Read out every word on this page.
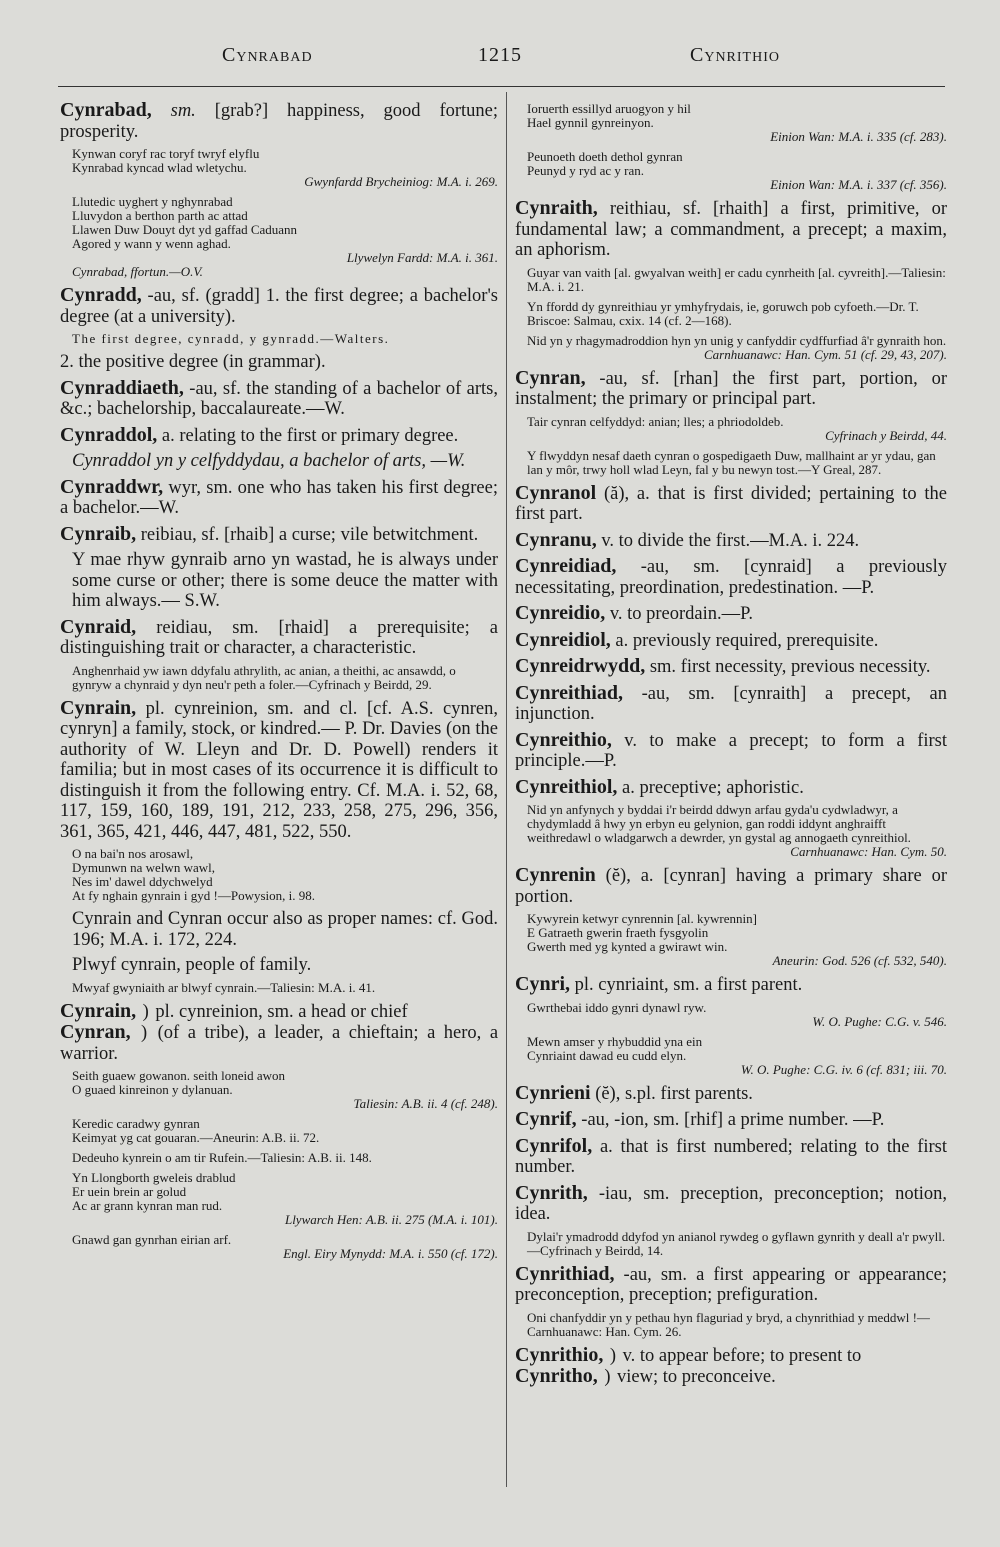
Cynrabad	1215	Cynrithio

Cynrabad, sm. [grab?] happiness, good fortune; prosperity.

Kynwan coryf rac toryf twryf elyflu
Kynrabad kyncad wlad wletychu.
Gwynfardd Brycheiniog: M.A. i. 269.
Llutedic uyghert y nghynrabad
Lluvydon a berthon parth ac attad
Llawen Duw Douyt dyt yd gaffad Caduann
Agored y wann y wenn aghad.
Llywelyn Fardd: M.A. i. 361.
Cynrabad, ffortun.—O.V.

Cynradd, -au, sf. (gradd] 1. the first degree; a bachelor's degree (at a university).

The first degree, cynradd, y gynradd.—Walters.

2. the positive degree (in grammar).

Cynraddiaeth, -au, sf. the standing of a bachelor of arts, &c.; bachelorship, baccalaureate.—W.

Cynraddol, a. relating to the first or primary degree.

Cynraddol yn y celfyddydau, a bachelor of arts, —W.

Cynraddwr, wyr, sm. one who has taken his first degree; a bachelor.—W.

Cynraib, reibiau, sf. [rhaib] a curse; vile betwitchment.

Y mae rhyw gynraib arno yn wastad, he is always under some curse or other; there is some deuce the matter with him always.— S.W.

Cynraid, reidiau, sm. [rhaid] a prerequisite; a distinguishing trait or character, a characteristic.

Anghenrhaid yw iawn ddyfalu athrylith, ac anian, a theithi, ac ansawdd, o gynryw a chynraid y dyn neu'r peth a foler.—Cyfrinach y Beirdd, 29.

Cynrain, pl. cynreinion, sm. and cl. [cf. A.S. cynren, cynryn] a family, stock, or kindred.— P. Dr. Davies (on the authority of W. Lleyn and Dr. D. Powell) renders it familia; but in most cases of its occurrence it is difficult to distinguish it from the following entry. Cf. M.A. i. 52, 68, 117, 159, 160, 189, 191, 212, 233, 258, 275, 296, 356, 361, 365, 421, 446, 447, 481, 522, 550.

O na bai'n nos arosawl,
Dymunwn na welwn wawl,
Nes im' dawel ddychwelyd
At fy nghain gynrain i gyd !—Powysion, i. 98.

Cynrain and Cynran occur also as proper names: cf. God. 196; M.A. i. 172, 224.

Plwyf cynrain, people of family.

Mwyaf gwyniaith ar blwyf cynrain.—Taliesin: M.A. i. 41.

Cynrain, ) pl. cynreinion, sm. a head or chief
Cynran, ) (of a tribe), a leader, a chieftain; a hero, a warrior.

Seith guaew gowanon. seith loneid awon
O guaed kinreinon y dylanuan.
Taliesin: A.B. ii. 4 (cf. 248).
Keredic caradwy gynran
Keimyat yg cat gouaran.—Aneurin: A.B. ii. 72.
Dedeuho kynrein o am tir Rufein.—Taliesin: A.B. ii. 148.
Yn Llongborth gweleis drablud
Er uein brein ar golud
Ac ar grann kynran man rud.
Llywarch Hen: A.B. ii. 275 (M.A. i. 101).
Gnawd gan gynrhan eirian arf.
Engl. Eiry Mynydd: M.A. i. 550 (cf. 172).
Ioruerth essillyd aruogyon y hil
Hael gynnil gynreinyon.
Einion Wan: M.A. i. 335 (cf. 283).
Peunoeth doeth dethol gynran
Peunyd y ryd ac y ran.
Einion Wan: M.A. i. 337 (cf. 356).

Cynraith, reithiau, sf. [rhaith] a first, primitive, or fundamental law; a commandment, a precept; a maxim, an aphorism.

Guyar van vaith [al. gwyalvan weith] er cadu cynrheith [al. cyvreith].—Taliesin: M.A. i. 21.
Yn ffordd dy gynreithiau yr ymhyfrydais, ie, goruwch pob cyfoeth.—Dr. T. Briscoe: Salmau, cxix. 14 (cf. 2—168).
Nid yn y rhagymadroddion hyn yn unig y canfyddir cydffurfiad â'r gynraith hon.
Carnhuanawc: Han. Cym. 51 (cf. 29, 43, 207).

Cynran, -au, sf. [rhan] the first part, portion, or instalment; the primary or principal part.

Tair cynran celfyddyd: anian; lles; a phriodoldeb.
Cyfrinach y Beirdd, 44.
Y flwyddyn nesaf daeth cynran o gospedigaeth Duw, mallhaint ar yr ydau, gan lan y môr, trwy holl wlad Leyn, fal y bu newyn tost.—Y Greal, 287.

Cynranol (ă), a. that is first divided; pertaining to the first part.

Cynranu, v. to divide the first.—M.A. i. 224.

Cynreidiad, -au, sm. [cynraid] a previously necessitating, preordination, predestination. —P.

Cynreidio, v. to preordain.—P.

Cynreidiol, a. previously required, prerequisite.

Cynreidrwydd, sm. first necessity, previous necessity.

Cynreithiad, -au, sm. [cynraith] a precept, an injunction.

Cynreithio, v. to make a precept; to form a first principle.—P.

Cynreithiol, a. preceptive; aphoristic.

Nid yn anfynych y byddai i'r beirdd ddwyn arfau gyda'u cydwladwyr, a chydymladd â hwy yn erbyn eu gelynion, gan roddi iddynt anghraifft weithredawl o wladgarwch a dewrder, yn gystal ag annogaeth cynreithiol.
Carnhuanawc: Han. Cym. 50.

Cynrenin (ĕ), a. [cynran] having a primary share or portion.

Kywyrein ketwyr cynrennin [al. kywrennin]
E Gatraeth gwerin fraeth fysgyolin
Gwerth med yg kynted a gwirawt win.
Aneurin: God. 526 (cf. 532, 540).

Cynri, pl. cynriaint, sm. a first parent.

Gwrthebai iddo gynri dynawl ryw.
W. O. Pughe: C.G. v. 546.
Mewn amser y rhybuddid yna ein
Cynriaint dawad eu cudd elyn.
W. O. Pughe: C.G. iv. 6 (cf. 831; iii. 70.

Cynrieni (ĕ), s.pl. first parents.

Cynrif, -au, -ion, sm. [rhif] a prime number. —P.

Cynrifol, a. that is first numbered; relating to the first number.

Cynrith, -iau, sm. preception, preconception; notion, idea.

Dylai'r ymadrodd ddyfod yn anianol rywdeg o gyflawn gynrith y deall a'r pwyll.—Cyfrinach y Beirdd, 14.

Cynrithiad, -au, sm. a first appearing or appearance; preconception, preception; prefiguration.

Oni chanfyddir yn y pethau hyn flaguriad y bryd, a chynrithiad y meddwl !—Carnhuanawc: Han. Cym. 26.

Cynrithio, ) v. to appear before; to present to
Cynritho, ) view; to preconceive.
